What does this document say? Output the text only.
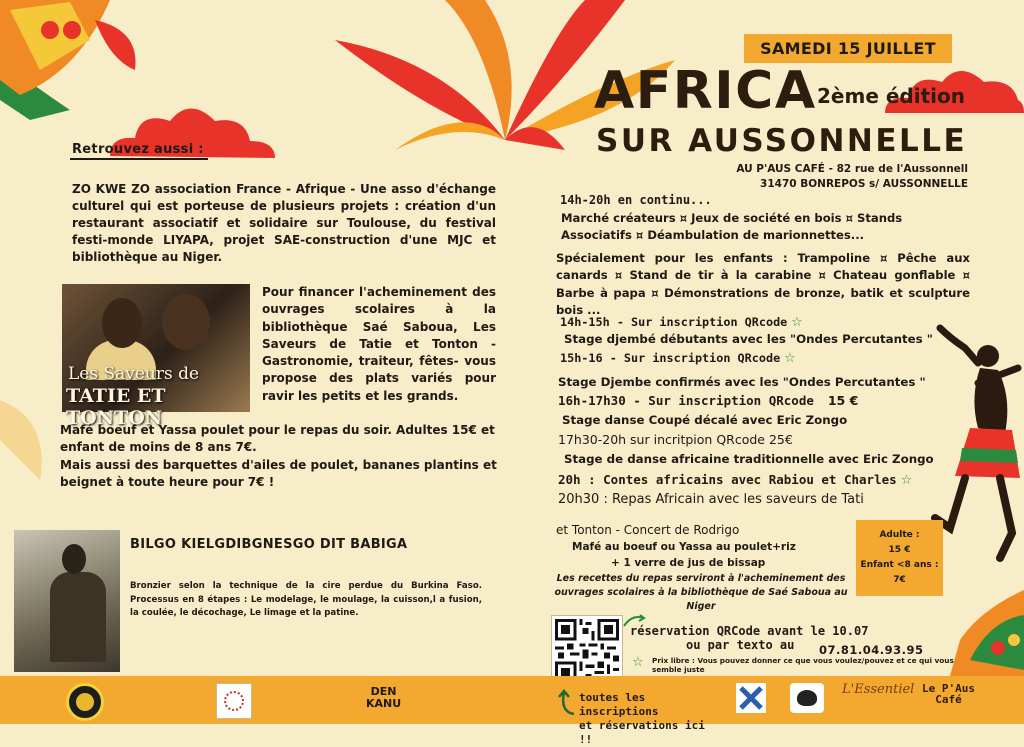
Retrouvez aussi :

ZO KWE ZO association France - Afrique - Une asso d'échange culturel qui est porteuse de plusieurs projets : création d'un restaurant associatif et solidaire sur Toulouse, du festival festi-monde LIYAPA, projet SAE-construction d'une MJC et bibliothèque au Niger.

Les Saveurs de
TATIE ET TONTON

Pour financer l'acheminement des ouvrages scolaires à la bibliothèque Saé Saboua, Les Saveurs de Tatie et Tonton - Gastronomie, traiteur, fêtes- vous propose des plats variés pour ravir les petits et les grands.

Mafé boeuf et Yassa poulet pour le repas du soir. Adultes 15€ et enfant de moins de 8 ans 7€.

Mais aussi des barquettes d'ailes de poulet, bananes plantins et beignet à toute heure pour 7€ !

BILGO KIELGDIBGNESGO DIT BABIGA

Bronzier selon la technique de la cire perdue du Burkina Faso. Processus en 8 étapes : Le modelage, le moulage, la cuisson,l a fusion, la coulée, le décochage, Le limage et la patine.

SAMEDI 15 JUILLET
AFRICA 2ème édition
SUR AUSSONNELLE
AU P'AUS CAFÉ - 82 rue de l'Aussonnell
31470 BONREPOS s/ AUSSONNELLE
14h-20h en continu...

Marché créateurs ¤ Jeux de société en bois ¤ Stands Associatifs ¤ Déambulation de marionnettes...

Spécialement pour les enfants : Trampoline ¤ Pêche aux canards ¤ Stand de tir à la carabine ¤ Chateau gonflable ¤ Barbe à papa ¤ Démonstrations de bronze, batik et sculpture bois ...

14h-15h - Sur inscription QRcode ☆
Stage djembé débutants avec les "Ondes Percutantes "
15h-16 - Sur inscription QRcode ☆
Stage Djembe confirmés avec les "Ondes Percutantes "
16h-17h30 - Sur inscription QRcode 15 €
Stage danse Coupé décalé avec Eric Zongo
17h30-20h sur incritpion QRcode 25€
Stage de danse africaine traditionnelle avec Eric Zongo
20h : Contes africains avec Rabiou et Charles ☆
20h30 : Repas Africain avec les saveurs de Tati
et Tonton - Concert de Rodrigo
Mafé au boeuf ou Yassa au poulet+riz
+ 1 verre de jus de bissap

Les recettes du repas serviront à l'acheminement des ouvrages scolaires à la bibliothèque de Saé Saboua au Niger

Adulte :
15 €
Enfant <8 ans :
7€
réservation QRCode avant le 10.07
ou par texto au	07.81.04.93.95
☆ Prix libre : Vous pouvez donner ce que vous voulez/pouvez et ce qui vous semble juste

toutes les inscriptions
et réservations ici !!
DEN
KANU
L'Essentiel Le P'Aus
Café
